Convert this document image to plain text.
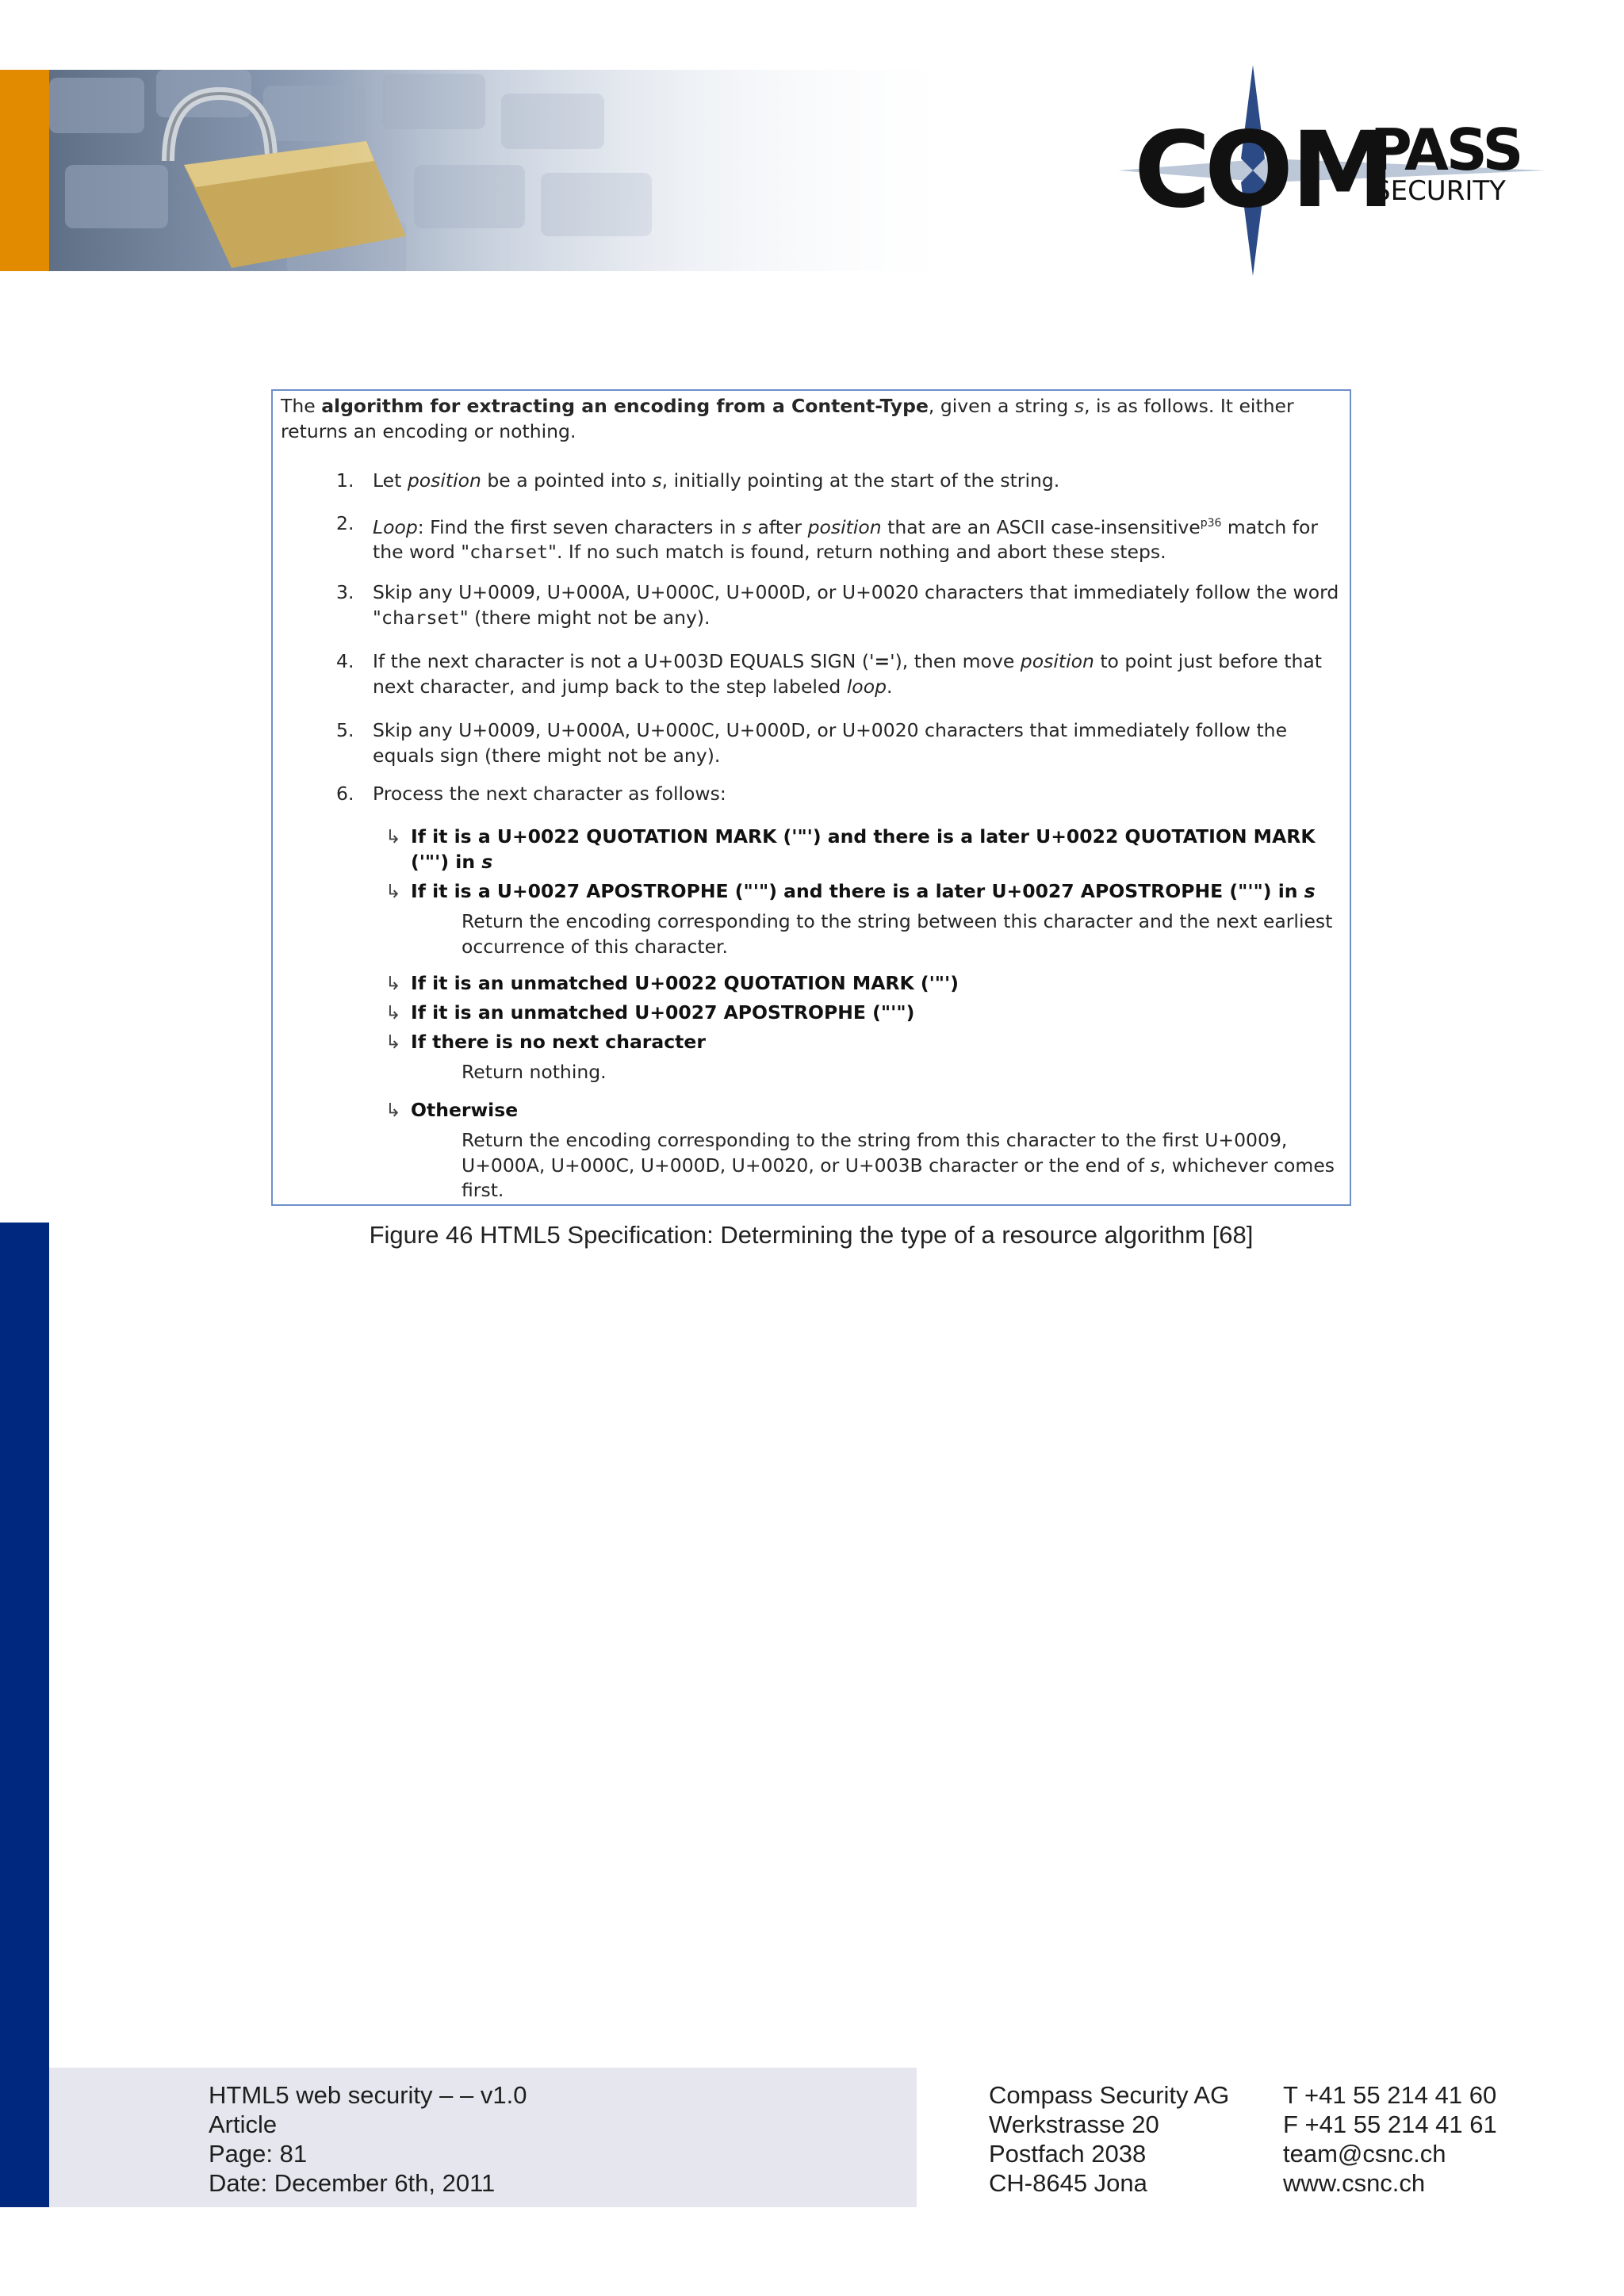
CO M
PASS
SECURITY
The algorithm for extracting an encoding from a Content-Type, given a string s, is as follows. It either returns an encoding or nothing.
1.	Let position be a pointed into s, initially pointing at the start of the string.
2.	Loop: Find the first seven characters in s after position that are an ASCII case-insensitive$^{p36}$ match for the word "charset". If no such match is found, return nothing and abort these steps.
3.	Skip any U+0009, U+000A, U+000C, U+000D, or U+0020 characters that immediately follow the word "charset" (there might not be any).
4.	If the next character is not a U+003D EQUALS SIGN ('='), then move position to point just before that next character, and jump back to the step labeled loop.
5.	Skip any U+0009, U+000A, U+000C, U+000D, or U+0020 characters that immediately follow the equals sign (there might not be any).
6.	Process the next character as follows:
↳ If it is a U+0022 QUOTATION MARK ('"') and there is a later U+0022 QUOTATION MARK ('"') in s
↳ If it is a U+0027 APOSTROPHE ("'") and there is a later U+0027 APOSTROPHE ("'") in s
Return the encoding corresponding to the string between this character and the next earliest occurrence of this character.
↳ If it is an unmatched U+0022 QUOTATION MARK ('"')
↳ If it is an unmatched U+0027 APOSTROPHE ("'")
↳ If there is no next character
Return nothing.
↳ Otherwise
Return the encoding corresponding to the string from this character to the first U+0009, U+000A, U+000C, U+000D, U+0020, or U+003B character or the end of s, whichever comes first.
Figure 46 HTML5 Specification: Determining the type of a resource algorithm [68]
HTML5 web security – – v1.0
Article
Page: 81
Date: December 6th, 2011
Compass Security AG
Werkstrasse 20
Postfach 2038
CH-8645 Jona
T +41 55 214 41 60
F +41 55 214 41 61
team@csnc.ch
www.csnc.ch
